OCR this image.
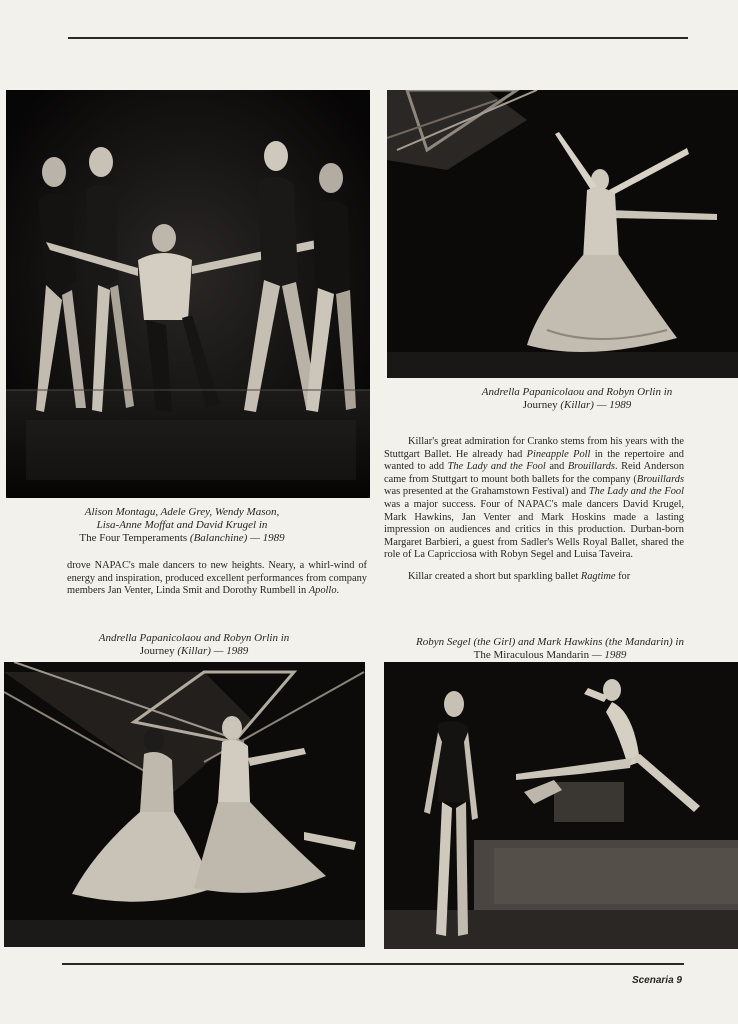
Alison Montagu, Adele Grey, Wendy Mason,
Lisa-Anne Moffat and David Krugel in
The Four Temperaments (Balanchine) — 1989
Andrella Papanicolaou and Robyn Orlin in
Journey (Killar) — 1989

drove NAPAC's male dancers to new heights. Neary, a whirl-wind of energy and inspiration, produced excellent performances from company members Jan Venter, Linda Smit and Dorothy Rumbell in Apollo.

Killar's great admiration for Cranko stems from his years with the Stuttgart Ballet. He already had Pineapple Poll in the repertoire and wanted to add The Lady and the Fool and Brouillards. Reid Anderson came from Stuttgart to mount both ballets for the company (Brouillards was presented at the Grahamstown Festival) and The Lady and the Fool was a major success. Four of NAPAC's male dancers David Krugel, Mark Hawkins, Jan Venter and Mark Hoskins made a lasting impression on audiences and critics in this production. Durban-born Margaret Barbieri, a guest from Sadler's Wells Royal Ballet, shared the role of La Capricciosa with Robyn Segel and Luisa Taveira.

Killar created a short but sparkling ballet Ragtime for

Andrella Papanicolaou and Robyn Orlin in
Journey (Killar) — 1989
Robyn Segel (the Girl) and Mark Hawkins (the Mandarin) in
The Miraculous Mandarin — 1989
Scenaria 9
